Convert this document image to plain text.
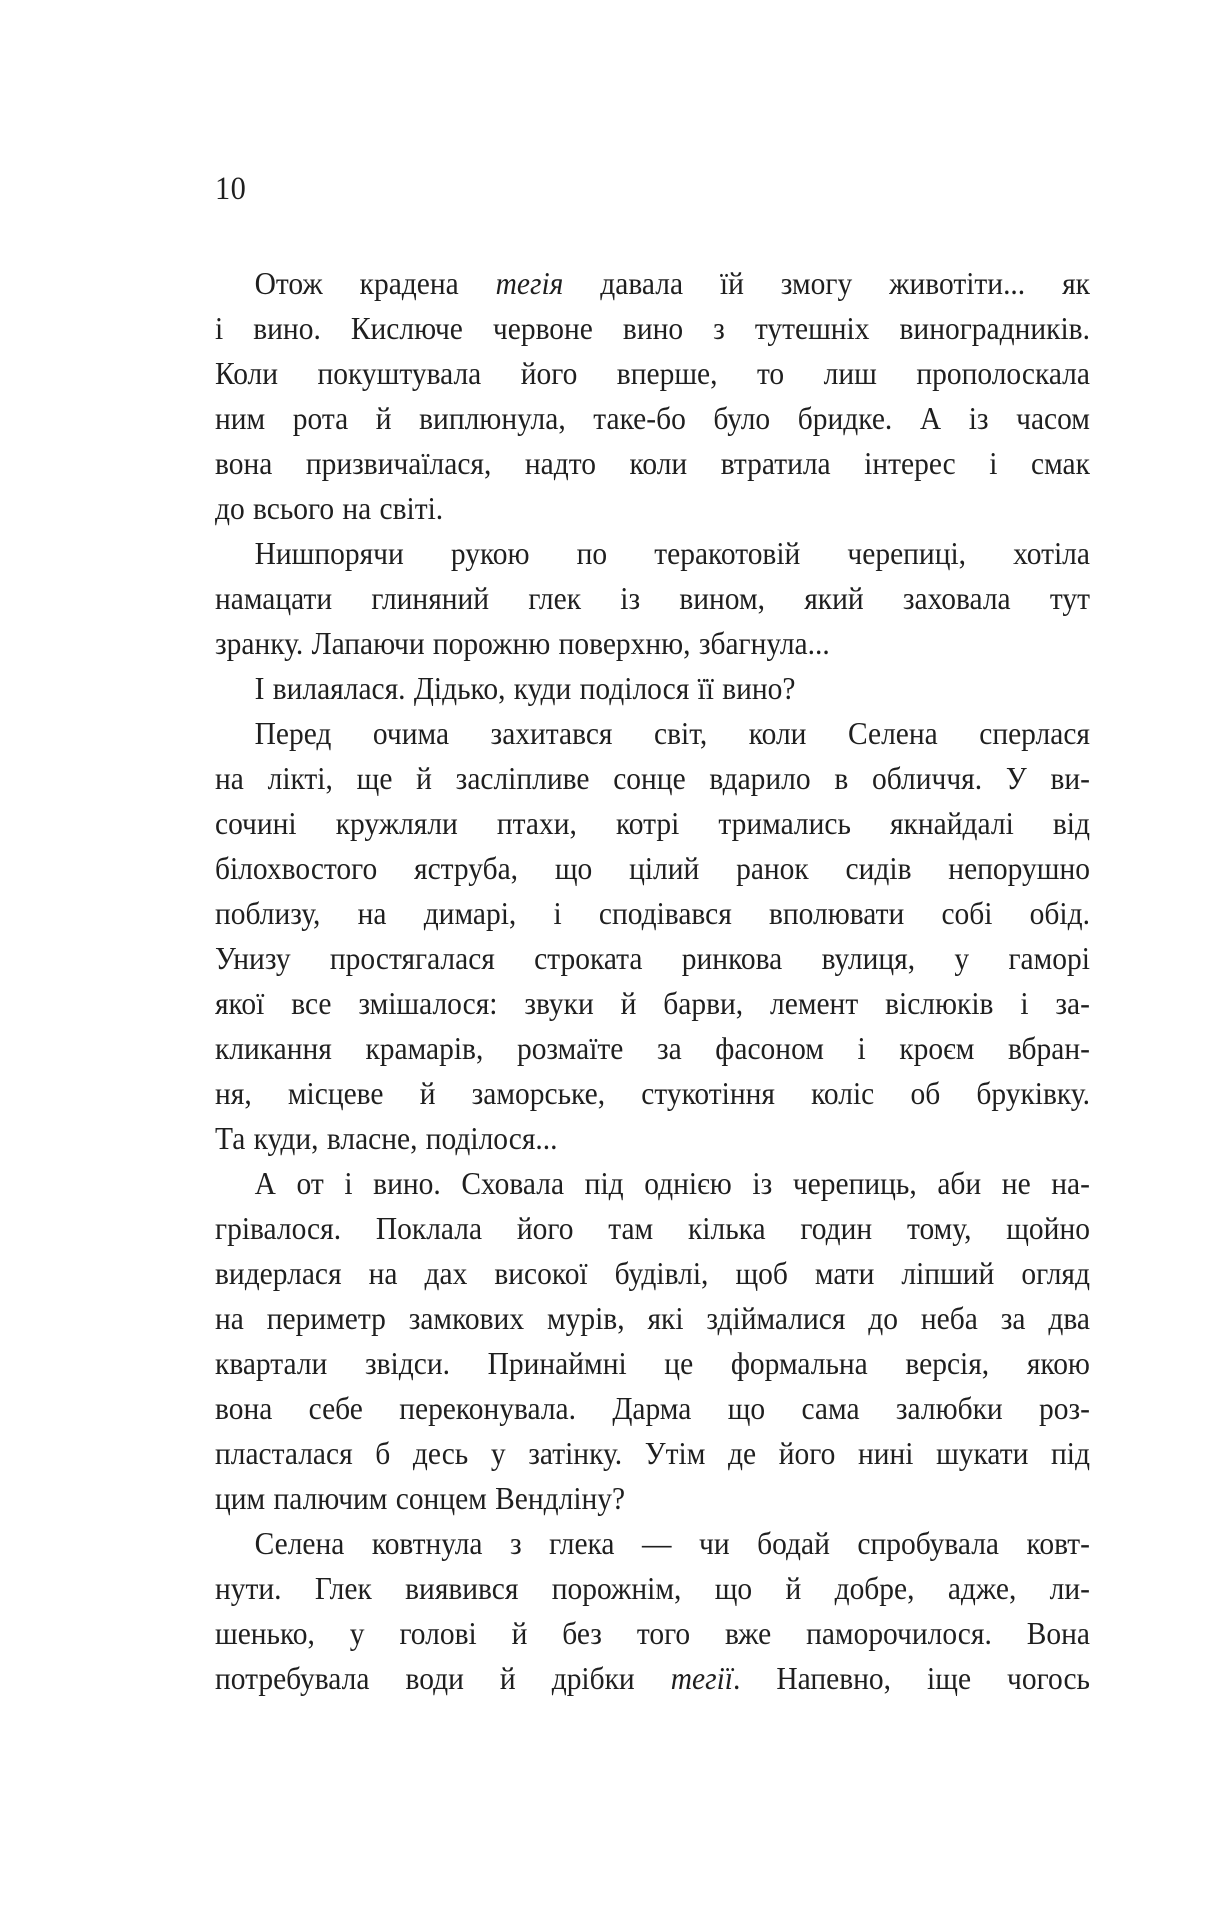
10
Отож крадена тегія давала їй змогу животіти... як
і вино. Кислюче червоне вино з тутешніх виноградників.
Коли покуштувала його вперше, то лиш прополоскала
ним рота й виплюнула, таке-бо було бридке. А із часом
вона призвичаїлася, надто коли втратила інтерес і смак
до всього на світі.
Нишпорячи рукою по теракотовій черепиці, хотіла
намацати глиняний глек із вином, який заховала тут
зранку. Лапаючи порожню поверхню, збагнула...
І вилаялася. Дідько, куди поділося її вино?
Перед очима захитався світ, коли Селена сперлася
на лікті, ще й засліпливе сонце вдарило в обличчя. У ви-
сочині кружляли птахи, котрі тримались якнайдалі від
білохвостого яструба, що цілий ранок сидів непорушно
поблизу, на димарі, і сподівався вполювати собі обід.
Унизу простягалася строката ринкова вулиця, у гаморі
якої все змішалося: звуки й барви, лемент віслюків і за-
кликання крамарів, розмаїте за фасоном і кроєм вбран-
ня, місцеве й заморське, стукотіння коліс об бруківку.
Та куди, власне, поділося...
А от і вино. Сховала під однією із черепиць, аби не на-
грівалося. Поклала його там кілька годин тому, щойно
видерлася на дах високої будівлі, щоб мати ліпший огляд
на периметр замкових мурів, які здіймалися до неба за два
квартали звідси. Принаймні це формальна версія, якою
вона себе переконувала. Дарма що сама залюбки роз-
пласталася б десь у затінку. Утім де його нині шукати під
цим палючим сонцем Вендліну?
Селена ковтнула з глека — чи бодай спробувала ковт-
нути. Глек виявився порожнім, що й добре, адже, ли-
шенько, у голові й без того вже паморочилося. Вона
потребувала води й дрібки тегії. Напевно, іще чогось
